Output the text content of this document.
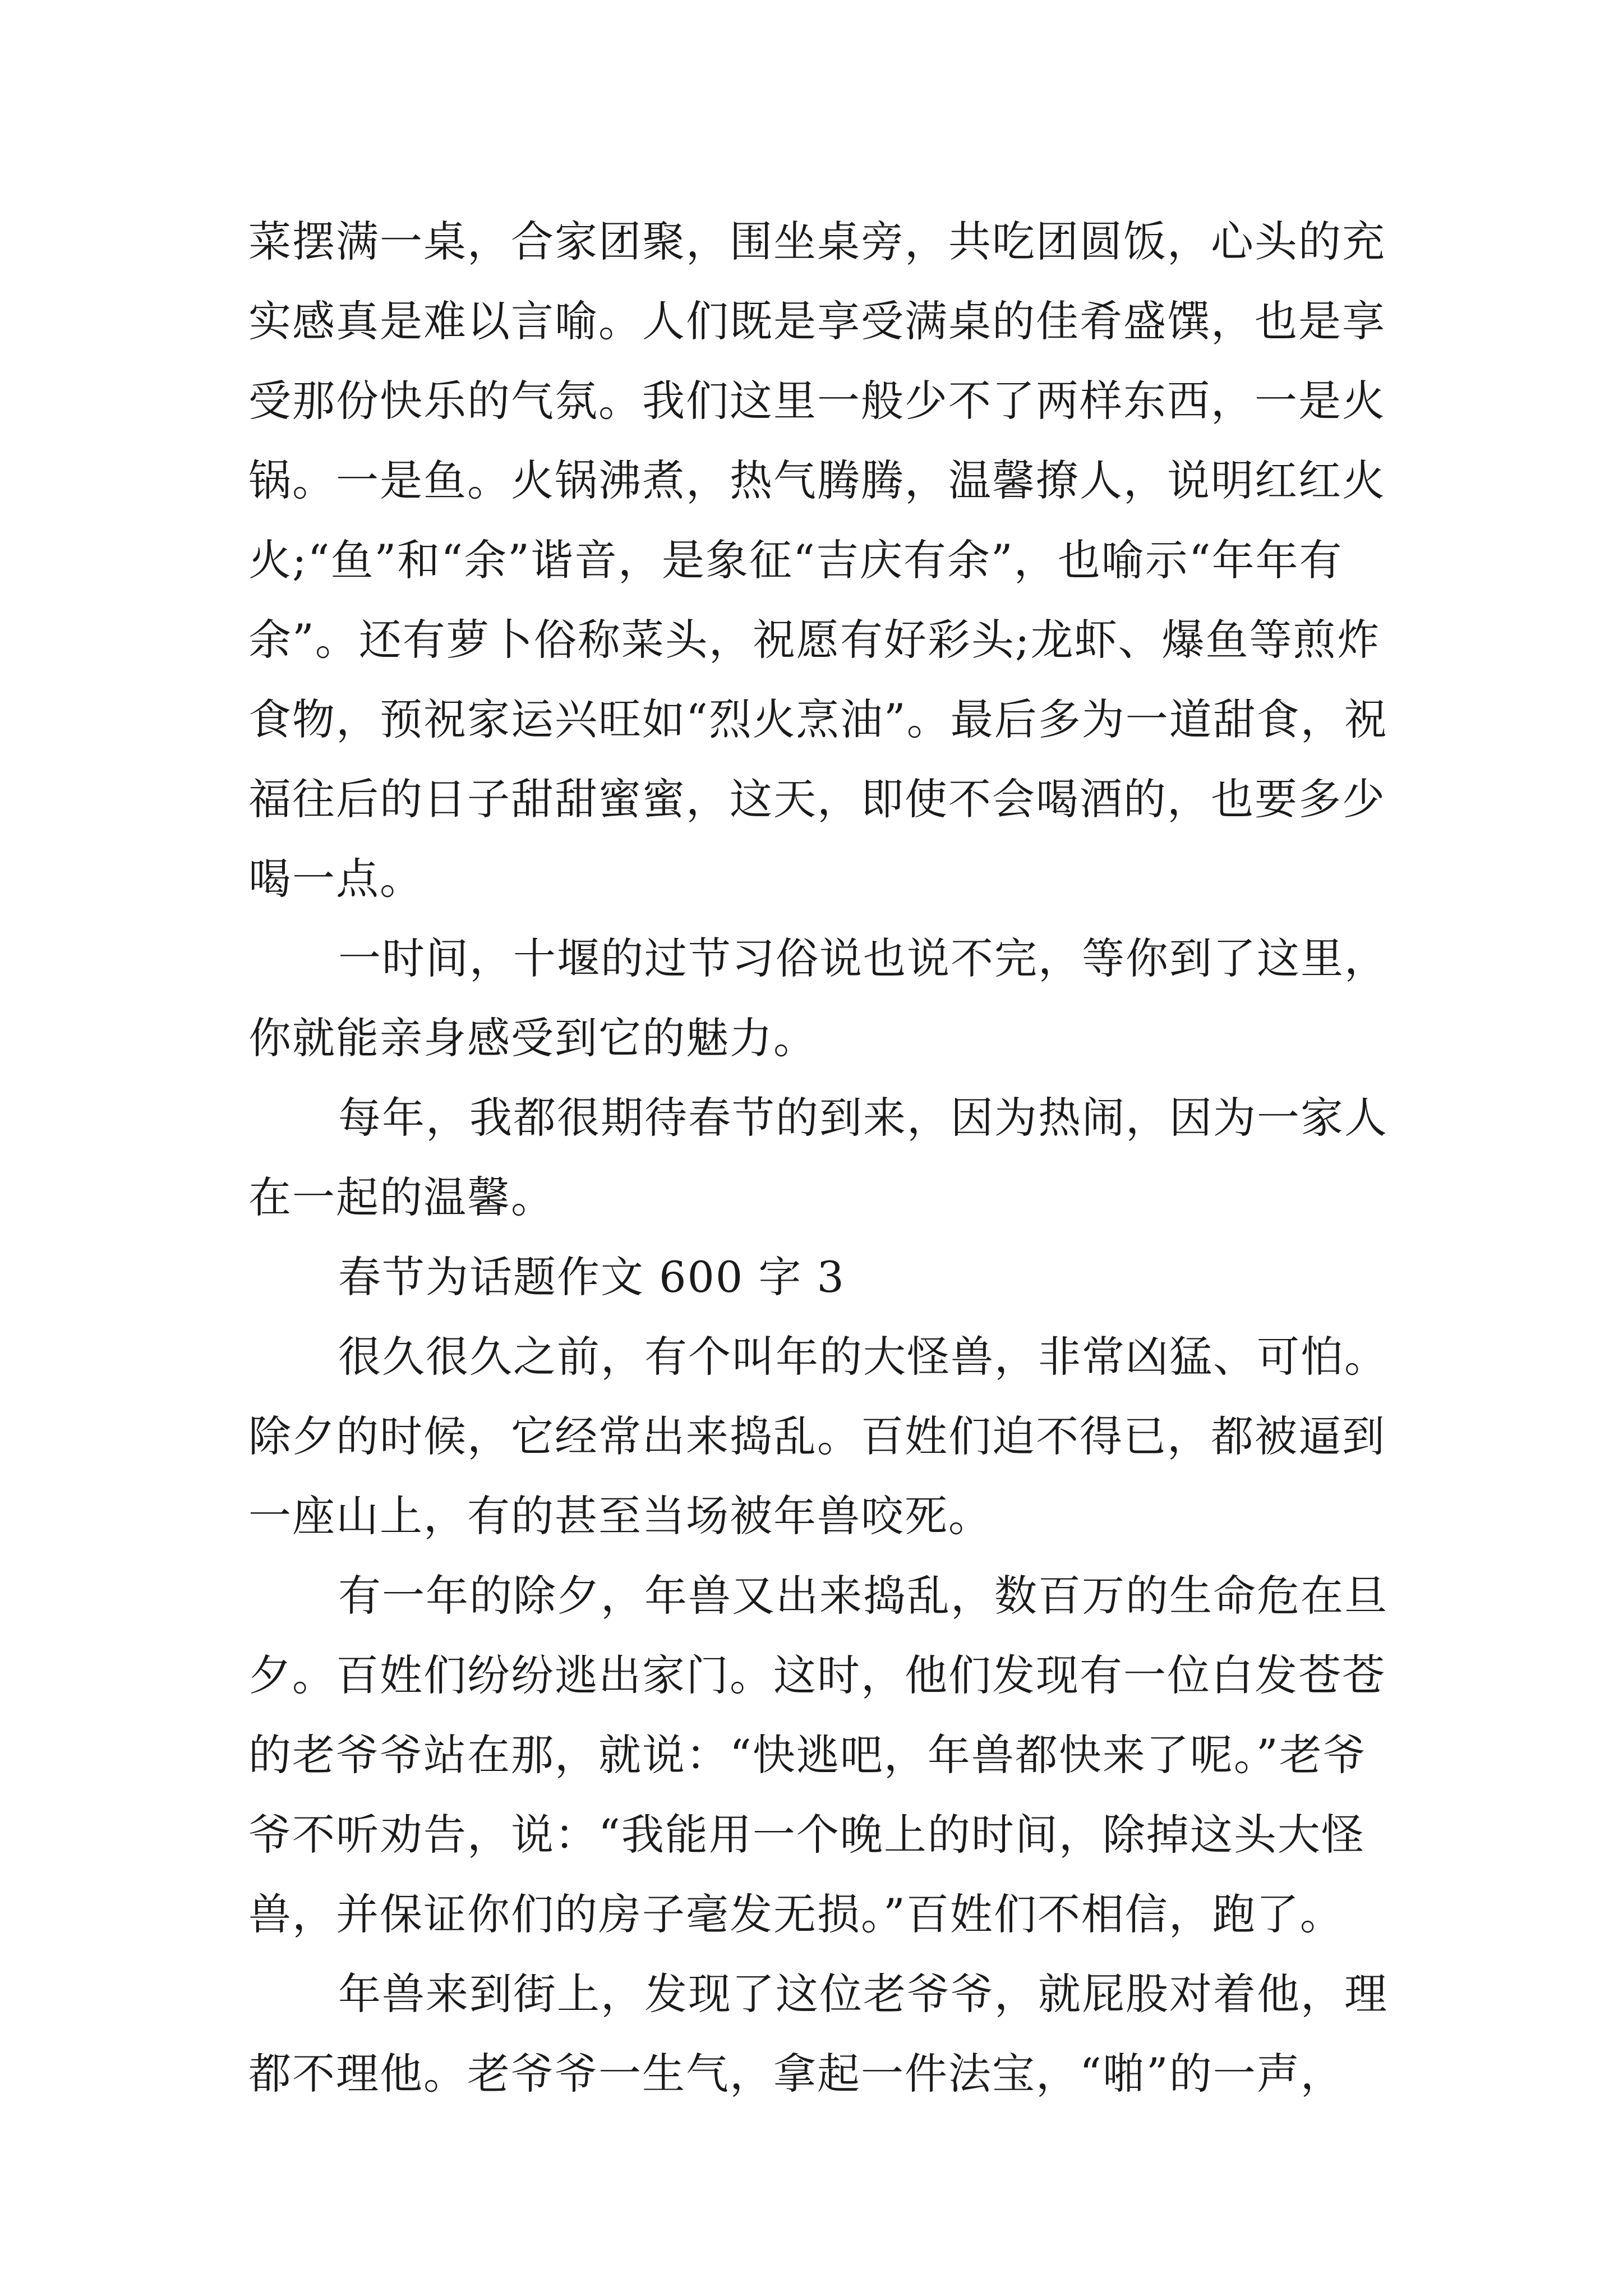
菜摆满一桌，合家团聚，围坐桌旁，共吃团圆饭，心头的充实感真是难以言喻。人们既是享受满桌的佳肴盛馔，也是享受那份快乐的气氛。我们这里一般少不了两样东西，一是火锅。一是鱼。火锅沸煮，热气腾腾，温馨撩人，说明红红火火;“鱼”和“余”谐音，是象征“吉庆有余”，也喻示“年年有余”。还有萝卜俗称菜头，祝愿有好彩头;龙虾、爆鱼等煎炸食物，预祝家运兴旺如“烈火烹油”。最后多为一道甜食，祝福往后的日子甜甜蜜蜜，这天，即使不会喝酒的，也要多少喝一点。

一时间，十堰的过节习俗说也说不完，等你到了这里，你就能亲身感受到它的魅力。

每年，我都很期待春节的到来，因为热闹，因为一家人在一起的温馨。

春节为话题作文 600 字 3

很久很久之前，有个叫年的大怪兽，非常凶猛、可怕。除夕的时候，它经常出来捣乱。百姓们迫不得已，都被逼到一座山上，有的甚至当场被年兽咬死。

有一年的除夕，年兽又出来捣乱，数百万的生命危在旦夕。百姓们纷纷逃出家门。这时，他们发现有一位白发苍苍的老爷爷站在那，就说：“快逃吧，年兽都快来了呢。”老爷爷不听劝告，说：“我能用一个晚上的时间，除掉这头大怪兽，并保证你们的房子毫发无损。”百姓们不相信，跑了。

年兽来到街上，发现了这位老爷爷，就屁股对着他，理都不理他。老爷爷一生气，拿起一件法宝，“啪”的一声，
